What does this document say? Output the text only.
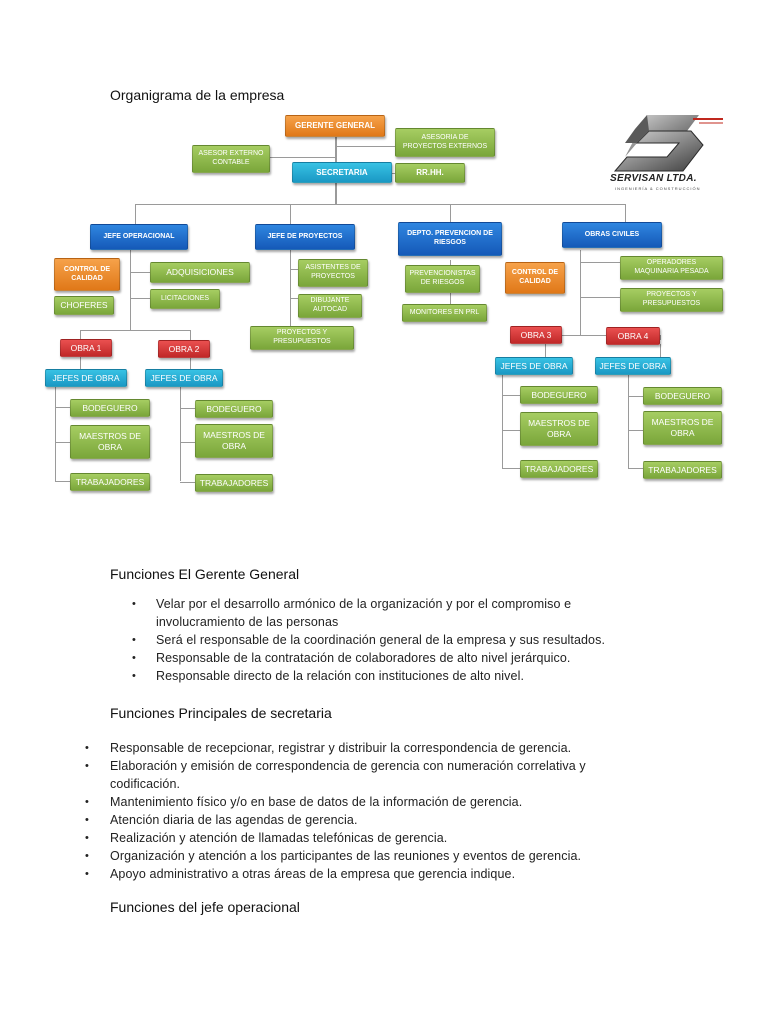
Organigrama de la empresa
GERENTE GENERAL
ASESORIA DE PROYECTOS EXTERNOS
ASESOR EXTERNO CONTABLE
SECRETARIA	RR.HH.
JEFE OPERACIONAL	JEFE DE PROYECTOS	DEPTO. PREVENCION DE RIESGOS
OBRAS CIVILES
CONTROL DE CALIDAD
ADQUISICIONES
CHOFERES
LICITACIONES
ASISTENTES DE PROYECTOS
DIBUJANTE AUTOCAD
PROYECTOS Y PRESUPUESTOS
PREVENCIONISTAS DE RIESGOS
MONITORES EN PRL
CONTROL DE CALIDAD
OPERADORES MAQUINARIA PESADA
PROYECTOS Y PRESUPUESTOS
OBRA 1	OBRA 2
OBRA 3	OBRA 4
JEFES DE OBRA	JEFES DE OBRA
JEFES DE OBRA	JEFES DE OBRA
BODEGUERO
MAESTROS DE OBRA
TRABAJADORES
BODEGUERO
MAESTROS DE OBRA
TRABAJADORES
BODEGUERO
MAESTROS DE OBRA
TRABAJADORES
BODEGUERO
MAESTROS DE OBRA
TRABAJADORES
SERVISAN LTDA.
INGENIERÍA & CONSTRUCCIÓN
Funciones El Gerente General
• Velar por el desarrollo armónico de la organización y por el compromiso e involucramiento de las personas
• Será el responsable de la coordinación general de la empresa y sus resultados.
• Responsable de la contratación de colaboradores de alto nivel jerárquico.
• Responsable directo de la relación con instituciones de alto nivel.
Funciones Principales de secretaria
• Responsable de recepcionar, registrar y distribuir la correspondencia de gerencia.
• Elaboración y emisión de correspondencia de gerencia con numeración correlativa y codificación.
• Mantenimiento físico y/o en base de datos de la información de gerencia.
• Atención diaria de las agendas de gerencia.
• Realización y atención de llamadas telefónicas de gerencia.
• Organización y atención a los participantes de las reuniones y eventos de gerencia.
• Apoyo administrativo a otras áreas de la empresa que gerencia indique.
Funciones del jefe operacional
